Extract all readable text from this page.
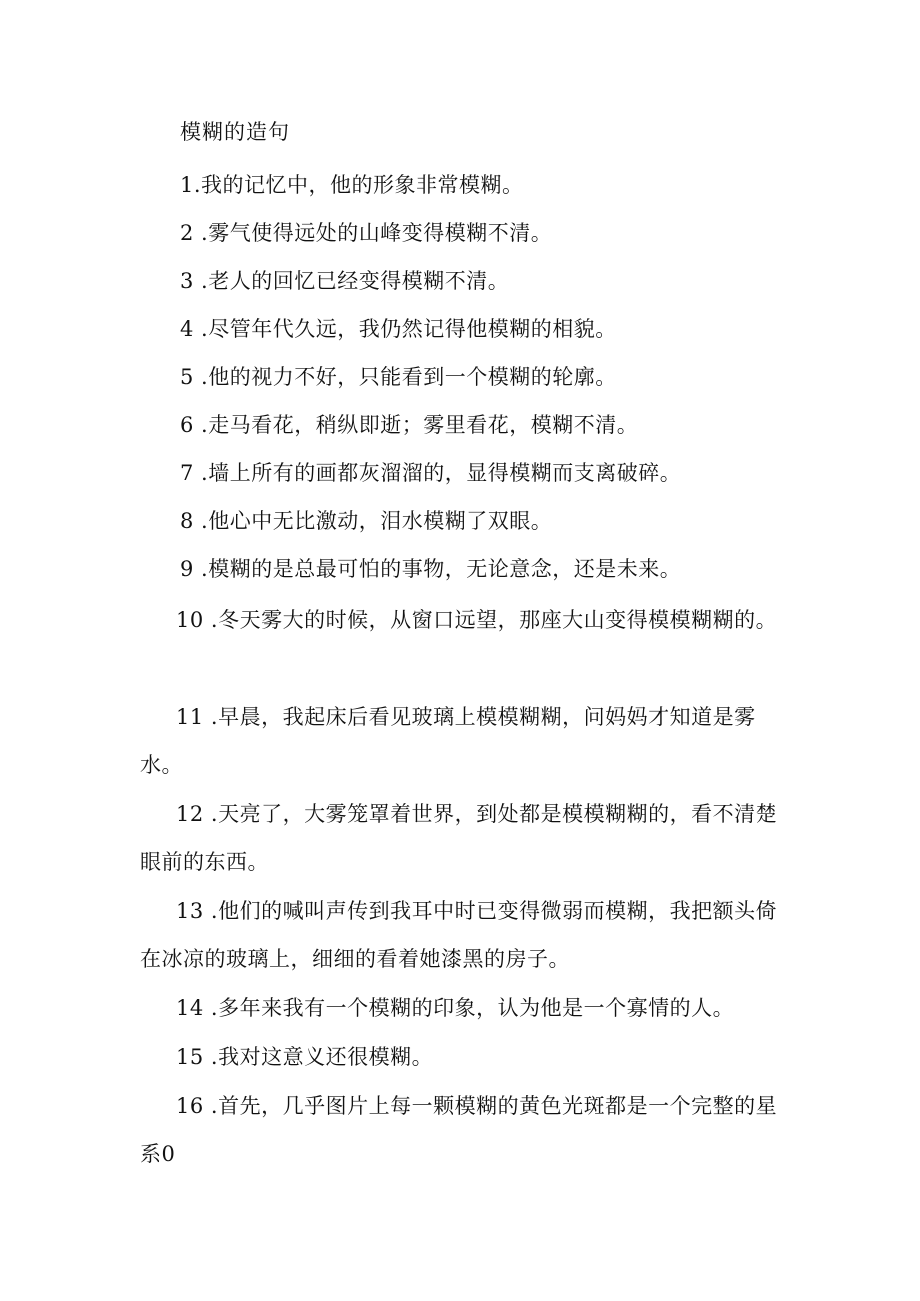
模糊的造句
1.我的记忆中，他的形象非常模糊。
2 .雾气使得远处的山峰变得模糊不清。
3 .老人的回忆已经变得模糊不清。
4 .尽管年代久远，我仍然记得他模糊的相貌。
5 .他的视力不好，只能看到一个模糊的轮廓。
6 .走马看花，稍纵即逝；雾里看花，模糊不清。
7 .墙上所有的画都灰溜溜的，显得模糊而支离破碎。
8 .他心中无比激动，泪水模糊了双眼。
9 .模糊的是总最可怕的事物，无论意念，还是未来。
10 .冬天雾大的时候，从窗口远望，那座大山变得模模糊糊的。
11 .早晨，我起床后看见玻璃上模模糊糊，问妈妈才知道是雾水。
12 .天亮了，大雾笼罩着世界，到处都是模模糊糊的，看不清楚眼前的东西。
13 .他们的喊叫声传到我耳中时已变得微弱而模糊，我把额头倚在冰凉的玻璃上，细细的看着她漆黑的房子。
14 .多年来我有一个模糊的印象，认为他是一个寡情的人。
15 .我对这意义还很模糊。
16 .首先，几乎图片上每一颗模糊的黄色光斑都是一个完整的星系0
